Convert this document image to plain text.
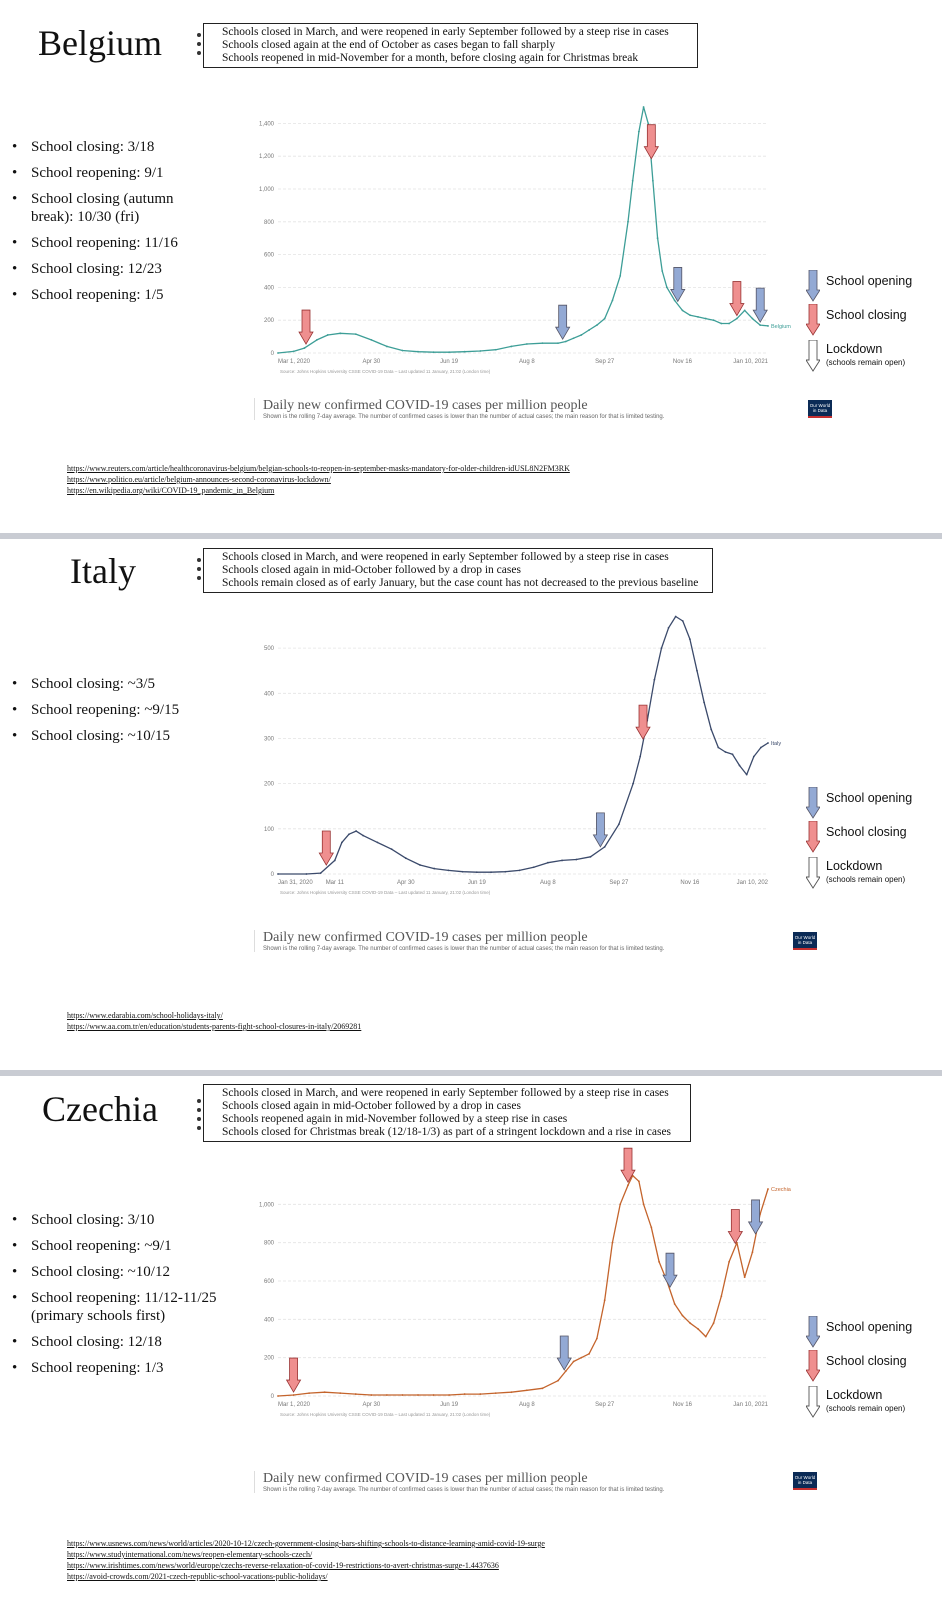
Belgium	Schools closed in March, and were reopened in early September followed by a steep rise in cases
Schools closed again at the end of October as cases began to fall sharply
Schools reopened in mid-November for a month, before closing again for Christmas break
• School closing: 3/18
• School reopening: 9/1
• School closing (autumn break): 10/30 (fri)
• School reopening: 11/16
• School closing: 12/23
• School reopening: 1/5
0
200
400
600
800
1,000
1,200
1,400
Mar 1, 2020	Apr 30	Jun 19	Aug 8	Sep 27	Nov 16	Jan 10, 2021
Source: Johns Hopkins University CSSE COVID-19 Data – Last updated 11 January, 21:02 (London time)
Belgium
Daily new confirmed COVID-19 cases per million people
Shown is the rolling 7-day average. The number of confirmed cases is lower than the number of actual cases; the main reason for that is limited testing.
Our World in Data
School opening
School closing
Lockdown
(schools remain open)
https://www.reuters.com/article/healthcoronavirus-belgium/belgian-schools-to-reopen-in-september-masks-mandatory-for-older-children-idUSL8N2FM3RK
https://www.politico.eu/article/belgium-announces-second-coronavirus-lockdown/
https://en.wikipedia.org/wiki/COVID-19_pandemic_in_Belgium
Italy	Schools closed in March, and were reopened in early September followed by a steep rise in cases
Schools closed again in mid-October followed by a drop in cases
Schools remain closed as of early January, but the case count has not decreased to the previous baseline
• School closing: ~3/5
• School reopening: ~9/15
• School closing: ~10/15
0
100
200
300
400
500
Jan 31, 2020 Mar 11	Apr 30	Jun 19	Aug 8	Sep 27	Nov 16	Jan 10, 202
Source: Johns Hopkins University CSSE COVID-19 Data – Last updated 11 January, 21:02 (London time)
Italy
Daily new confirmed COVID-19 cases per million people
Shown is the rolling 7-day average. The number of confirmed cases is lower than the number of actual cases; the main reason for that is limited testing.
Our World in Data
School opening
School closing
Lockdown
(schools remain open)
https://www.edarabia.com/school-holidays-italy/
https://www.aa.com.tr/en/education/students-parents-fight-school-closures-in-italy/2069281
Czechia	Schools closed in March, and were reopened in early September followed by a steep rise in cases
Schools closed again in mid-October followed by a drop in cases
Schools reopened again in mid-November followed by a steep rise in cases
Schools closed for Christmas break (12/18-1/3) as part of a stringent lockdown and a rise in cases
• School closing: 3/10
• School reopening: ~9/1
• School closing: ~10/12
• School reopening: 11/12-11/25 (primary schools first)
• School closing: 12/18
• School reopening: 1/3
0
200
400
600
800
1,000
Mar 1, 2020	Apr 30	Jun 19	Aug 8	Sep 27	Nov 16	Jan 10, 2021
Source: Johns Hopkins University CSSE COVID-19 Data – Last updated 11 January, 21:02 (London time)
Czechia
Daily new confirmed COVID-19 cases per million people
Shown is the rolling 7-day average. The number of confirmed cases is lower than the number of actual cases; the main reason for that is limited testing.
Our World in Data
School opening
School closing
Lockdown
(schools remain open)
https://www.usnews.com/news/world/articles/2020-10-12/czech-government-closing-bars-shifting-schools-to-distance-learning-amid-covid-19-surge
https://www.studyinternational.com/news/reopen-elementary-schools-czech/
https://www.irishtimes.com/news/world/europe/czechs-reverse-relaxation-of-covid-19-restrictions-to-avert-christmas-surge-1.4437636
https://avoid-crowds.com/2021-czech-republic-school-vacations-public-holidays/
